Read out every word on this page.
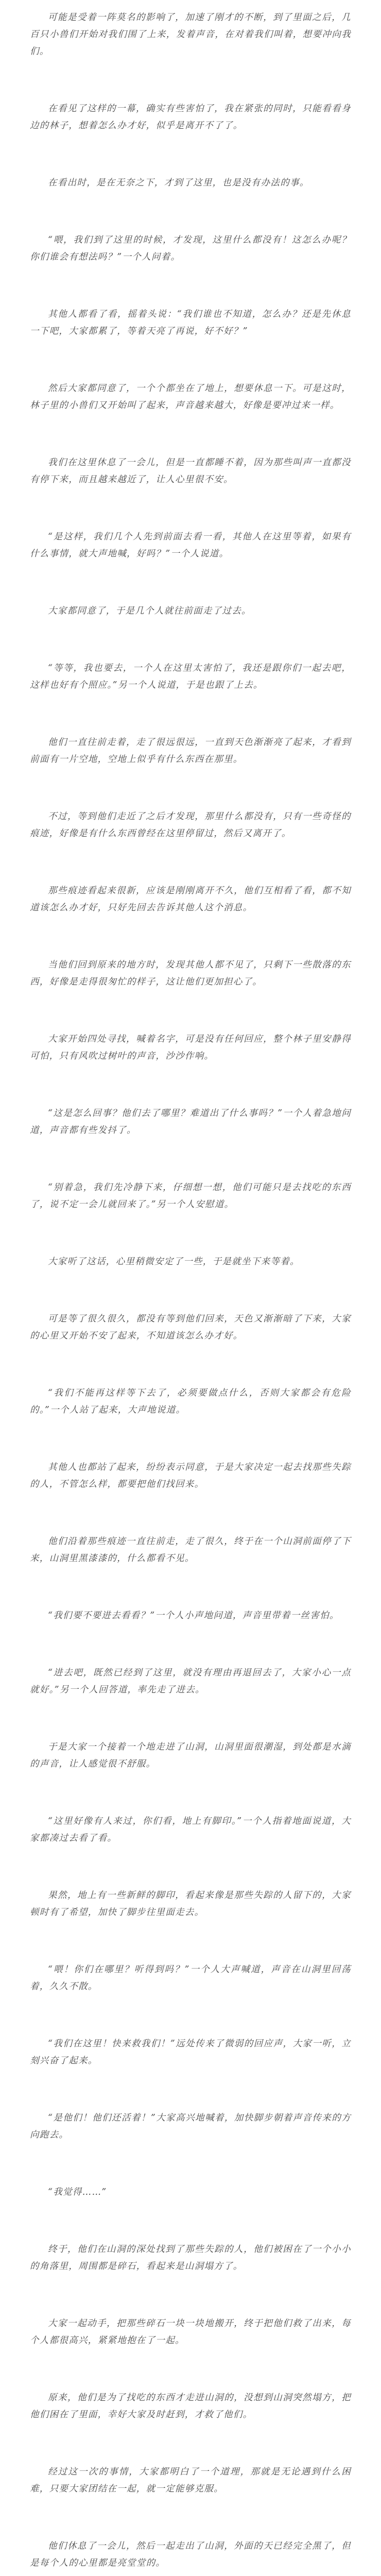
可能是受着一阵莫名的影响了，加速了刚才的不断，到了里面之后，几百只小兽们开始对我们围了上来，发着声音，在对着我们叫着，想要冲向我们。

在看见了这样的一幕，确实有些害怕了，我在紧张的同时，只能看看身边的林子，想着怎么办才好，似乎是离开不了了。

在看出时，是在无奈之下，才到了这里，也是没有办法的事。

“喂，我们到了这里的时候，才发现，这里什么都没有！这怎么办呢？你们谁会有想法吗？”一个人问着。

其他人都看了看，摇着头说：“我们谁也不知道，怎么办？还是先休息一下吧，大家都累了，等着天亮了再说，好不好？”

然后大家都同意了，一个个都坐在了地上，想要休息一下。可是这时，林子里的小兽们又开始叫了起来，声音越来越大，好像是要冲过来一样。

我们在这里休息了一会儿，但是一直都睡不着，因为那些叫声一直都没有停下来，而且越来越近了，让人心里很不安。

“是这样，我们几个人先到前面去看一看，其他人在这里等着，如果有什么事情，就大声地喊，好吗？”一个人说道。

大家都同意了，于是几个人就往前面走了过去。

“等等，我也要去，一个人在这里太害怕了，我还是跟你们一起去吧，这样也好有个照应。”另一个人说道，于是也跟了上去。

他们一直往前走着，走了很远很远，一直到天色渐渐亮了起来，才看到前面有一片空地，空地上似乎有什么东西在那里。

不过，等到他们走近了之后才发现，那里什么都没有，只有一些奇怪的痕迹，好像是有什么东西曾经在这里停留过，然后又离开了。

那些痕迹看起来很新，应该是刚刚离开不久，他们互相看了看，都不知道该怎么办才好，只好先回去告诉其他人这个消息。

当他们回到原来的地方时，发现其他人都不见了，只剩下一些散落的东西，好像是走得很匆忙的样子，这让他们更加担心了。

大家开始四处寻找，喊着名字，可是没有任何回应，整个林子里安静得可怕，只有风吹过树叶的声音，沙沙作响。

“这是怎么回事？他们去了哪里？难道出了什么事吗？”一个人着急地问道，声音都有些发抖了。

“别着急，我们先冷静下来，仔细想一想，他们可能只是去找吃的东西了，说不定一会儿就回来了。”另一个人安慰道。

大家听了这话，心里稍微安定了一些，于是就坐下来等着。

可是等了很久很久，都没有等到他们回来，天色又渐渐暗了下来，大家的心里又开始不安了起来，不知道该怎么办才好。

“我们不能再这样等下去了，必须要做点什么，否则大家都会有危险的。”一个人站了起来，大声地说道。

其他人也都站了起来，纷纷表示同意，于是大家决定一起去找那些失踪的人，不管怎么样，都要把他们找回来。

他们沿着那些痕迹一直往前走，走了很久，终于在一个山洞前面停了下来，山洞里黑漆漆的，什么都看不见。

“我们要不要进去看看？”一个人小声地问道，声音里带着一丝害怕。

“进去吧，既然已经到了这里，就没有理由再退回去了，大家小心一点就好。”另一个人回答道，率先走了进去。

于是大家一个接着一个地走进了山洞，山洞里面很潮湿，到处都是水滴的声音，让人感觉很不舒服。

“这里好像有人来过，你们看，地上有脚印。”一个人指着地面说道，大家都凑过去看了看。

果然，地上有一些新鲜的脚印，看起来像是那些失踪的人留下的，大家顿时有了希望，加快了脚步往里面走去。

“喂！你们在哪里？听得到吗？”一个人大声喊道，声音在山洞里回荡着，久久不散。

“我们在这里！快来救我们！”远处传来了微弱的回应声，大家一听，立刻兴奋了起来。

“是他们！他们还活着！”大家高兴地喊着，加快脚步朝着声音传来的方向跑去。

“我觉得……”

终于，他们在山洞的深处找到了那些失踪的人，他们被困在了一个小小的角落里，周围都是碎石，看起来是山洞塌方了。

大家一起动手，把那些碎石一块一块地搬开，终于把他们救了出来，每个人都很高兴，紧紧地抱在了一起。

原来，他们是为了找吃的东西才走进山洞的，没想到山洞突然塌方，把他们困在了里面，幸好大家及时赶到，才救了他们。

经过这一次的事情，大家都明白了一个道理，那就是无论遇到什么困难，只要大家团结在一起，就一定能够克服。

他们休息了一会儿，然后一起走出了山洞，外面的天已经完全黑了，但是每个人的心里都是亮堂堂的。
